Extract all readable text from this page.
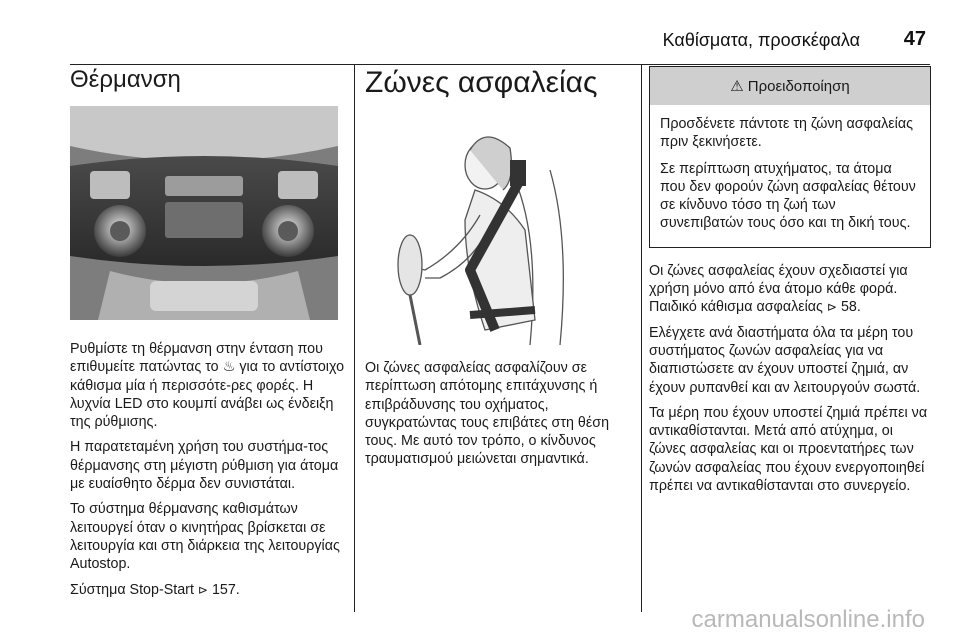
Καθίσματα, προσκέφαλα 47
Θέρμανση

Ρυθμίστε τη θέρμανση στην ένταση που επιθυμείτε πατώντας το ♨ για το αντίστοιχο κάθισμα μία ή περισσότε-ρες φορές. Η λυχνία LED στο κουμπί ανάβει ως ένδειξη της ρύθμισης.

Η παρατεταμένη χρήση του συστήμα-τος θέρμανσης στη μέγιστη ρύθμιση για άτομα με ευαίσθητο δέρμα δεν συνιστάται.

Το σύστημα θέρμανσης καθισμάτων λειτουργεί όταν ο κινητήρας βρίσκεται σε λειτουργία και στη διάρκεια της λειτουργίας Autostop.

Σύστημα Stop-Start ⊳ 157.

Ζώνες ασφαλείας

Οι ζώνες ασφαλείας ασφαλίζουν σε περίπτωση απότομης επιτάχυνσης ή επιβράδυνσης του οχήματος, συγκρατώντας τους επιβάτες στη θέση τους. Με αυτό τον τρόπο, ο κίνδυνος τραυματισμού μειώνεται σημαντικά.

⚠ Προειδοποίηση

Προσδένετε πάντοτε τη ζώνη ασφαλείας πριν ξεκινήσετε.

Σε περίπτωση ατυχήματος, τα άτομα που δεν φορούν ζώνη ασφαλείας θέτουν σε κίνδυνο τόσο τη ζωή των συνεπιβατών τους όσο και τη δική τους.

Οι ζώνες ασφαλείας έχουν σχεδιαστεί για χρήση μόνο από ένα άτομο κάθε φορά. Παιδικό κάθισμα ασφαλείας ⊳ 58.

Ελέγχετε ανά διαστήματα όλα τα μέρη του συστήματος ζωνών ασφαλείας για να διαπιστώσετε αν έχουν υποστεί ζημιά, αν έχουν ρυπανθεί και αν λειτουργούν σωστά.

Τα μέρη που έχουν υποστεί ζημιά πρέπει να αντικαθίστανται. Μετά από ατύχημα, οι ζώνες ασφαλείας και οι προεντατήρες των ζωνών ασφαλείας που έχουν ενεργοποιηθεί πρέπει να αντικαθίστανται στο συνεργείο.

carmanualsonline.info
